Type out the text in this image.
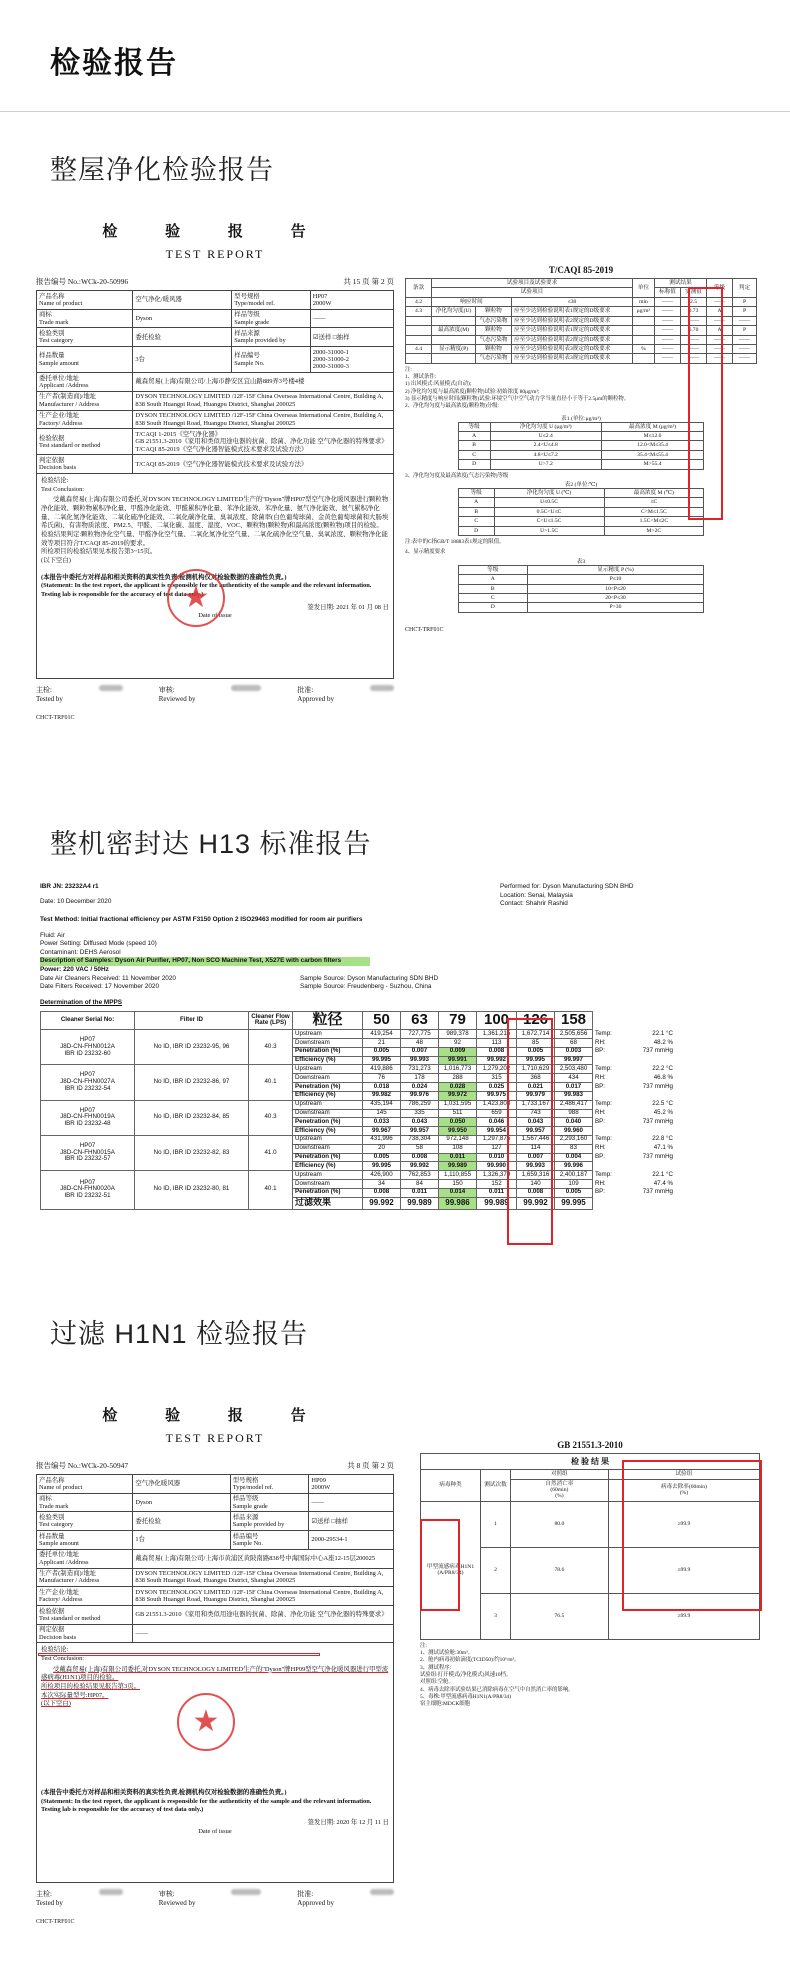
检验报告
整屋净化检验报告
检 验 报 告
TEST REPORT
报告编号 No.:WCk-20-50996	共 15 页 第 2 页
产品名称
Name of product	空气净化/暖风器	型号规格
Type/model ref.	HP07
2000W
商标
Trade mark	Dyson	样品等级
Sample grade	——
检验类别
Test category	委托检验	样品来源
Sample provided by	☑送样 □抽样
样品数量
Sample amount	3台	样品编号
Sample No.	2000-31000-1
2000-31000-2
2000-31000-3
委托单位/地址
Applicant /Address	戴森贸易(上海)有限公司/上海市静安区宜山路889弄3号楼4楼		
生产者(制造商)/地址
Manufacturer / Address	DYSON TECHNOLOGY LIMITED /12F-15F China Overseas International Centre, Building A, 838 South Huangpi Road, Huangpu District, Shanghai 200025		
生产企业/地址
Factory/ Address	DYSON TECHNOLOGY LIMITED /12F-15F China Overseas International Centre, Building A, 838 South Huangpi Road, Huangpu District, Shanghai 200025		
检验依据
Test standard or method	T/CAQI 1-2015《空气净化器》
GB 21551.3-2010《家用和类似用途电器的抗菌、除菌、净化功能 空气净化器的特殊要求》
T/CAQI 85-2019《空气净化器智能模式技术要求及试验方法》		
判定依据
Decision basis	T/CAQI 85-2019《空气净化器智能模式技术要求及试验方法》		
检验结论:
Test Conclusion:
受戴森贸易(上海)有限公司委托,对DYSON TECHNOLOGY LIMITED生产的"Dyson"牌HP07型空气净化暖风器进行颗粒物净化能效、颗粒物累积净化量、甲醛净化能效、甲醛累积净化量、苯净化能效、苯净化量、氨气净化能效、氨气累积净化量、二氧化氮净化能效、二氧化硫净化能效、二氧化碳净化量、臭氧浓度、除菌率(白色葡萄球菌、金黄色葡萄球菌和大肠埃希氏菌)、有害物质浓度、PM2.5、甲醛、二氧化碳、温度、湿度、VOC、颗粒物(颗粒物)和最高浓度(颗粒物)项目的检验。
检验结果判定:颗粒物净化空气量、甲醛净化空气量、二氧化氮净化空气量、二氧化硫净化空气量、臭氧浓度、颗粒物净化能效等项目符合T/CAQI 85-2019的要求。
所检项目的检验结果见本报告第3~15页。
(以下空白)
★
(本报告中委托方对样品和相关资料的真实性负责,检测机构仅对检验数据的准确性负责。)
(Statement: In the test report, the applicant is responsible for the authenticity of the sample and the relevant information. Testing lab is responsible for the accuracy of test data only.)
签发日期: 2021 年 01 月 08 日
Date of issue
主检:
Tested by
审核:
Reviewed by
批准:
Approved by
CHCT-TRF01C
T/CAQI 85-2019
条款	试验项目及试验要求			单位	测试结果		等级	判定
	试验项目				标称值	实测值		
4.2	响应时间		≤30	min	——	2.5	——	P
4.3	净化均匀度(U)	颗粒物	应至少达到检验说明表1规定的D级要求	μg/m³	——	0.73	A	P
		气态污染物	应至少达到检验说明表2规定的D级要求		——	——	——	——
	最高浓度(M)	颗粒物	应至少达到检验说明表1规定的D级要求		——	6.70	A	P
		气态污染物	应至少达到检验说明表2规定的D级要求		——	——	——	——
4.4	显示精度(P)	颗粒物	应至少达到检验说明表3规定的D级要求	%	——	——	——	——
		气态污染物	应至少达到检验说明表3规定的D级要求		——	——	——	——
注:
1、测试条件:
1) 出风模式:风量模式(自动);
2) 净化均匀度与最高浓度(颗粒物)试验:初始浓度 80μg/m³;
3) 显示精度与响应时间(颗粒物)试验:环境空气中空气动力学当量直径小于等于2.5μm的颗粒物。
2、净化均匀度与最高浓度(颗粒物)分级:
表1 (单位:μg/m³)
等级	净化均匀度 U (μg/m³)	最高浓度 M (μg/m³)
A	U≤2.4	M≤12.0
B	2.4<U≤4.8	12.0<M≤35.4
C	4.8<U≤7.2	35.4<M≤55.4
D	U>7.2	M>55.4
3、净化均匀度及最高浓度(气态污染物)等级
表2 (单位:℃)
等级	净化均匀度 U (℃)	最高浓度 M (℃)
A	U≤0.5C	≤C
B	0.5C<U≤C	C<M≤1.5C
C	C<U≤1.5C	1.5C<M≤2C
D	U>1.5C	M>2C
注:表中的C指GB/T 18883表1规定的限值。
4、显示精度要求
表3
等级	显示精度 P (%)
A	P≤10
B	10<P≤20
C	20<P≤30
D	P>30
CHCT-TRF01C
整机密封达 H13 标准报告
IBR JN: 23232A4 r1
Date: 10 December 2020
Performed for: Dyson Manufacturing SDN BHD
Location: Senai, Malaysia
Contact: Shahrir Rashid
Test Method: Initial fractional efficiency per ASTM F3150 Option 2 ISO29463 modified for room air purifiers
Fluid: Air
Power Setting: Diffused Mode (speed 10)
Contaminant: DEHS Aerosol
Description of Samples: Dyson Air Purifier, HP07, Non SCO Machine Test, X527E with carbon filters
Power: 220 VAC / 50Hz
Date Air Cleaners Received: 11 November 2020	Sample Source: Dyson Manufacturing SDN BHD
Date Filters Received: 17 November 2020	Sample Source: Freudenberg - Suzhou, China
Determination of the MPPS
Cleaner Serial No:	Filter ID	Cleaner Flow Rate (LPS)	粒径	50	63	79	100	126	158	

HP07
J8D-CN-FHN0012A
IBR ID 23232-60	No ID, IBR ID 23232-95, 96	40.3	Upstream	419,254	727,775	989,378	1,361,215	1,672,714	2,505,656	Temp: 22.1 °C
			Downstream	21	48	92	113	85	68	RH: 48.2 %
			Penetration (%)	0.005	0.007	0.009	0.008	0.005	0.003	BP: 737 mmHg
			Efficiency (%)	99.995	99.993	99.991	99.992	99.995	99.997	

HP07
J8D-CN-FHN0027A
IBR ID 23232-54	No ID, IBR ID 23232-86, 97	40.1	Upstream	419,886	731,273	1,016,773	1,279,202	1,710,629	2,503,480	Temp: 22.2 °C
			Downstream	76	178	288	315	368	434	RH: 46.8 %
			Penetration (%)	0.018	0.024	0.028	0.025	0.021	0.017	BP: 737 mmHg
			Efficiency (%)	99.982	99.976	99.972	99.975	99.979	99.983	

HP07
J8D-CN-FHN0019A
IBR ID 23232-48	No ID, IBR ID 23232-84, 85	40.3	Upstream	435,194	786,259	1,031,595	1,423,808	1,733,167	2,486,417	Temp: 22.5 °C
			Downstream	145	335	511	659	743	988	RH: 45.2 %
			Penetration (%)	0.033	0.043	0.050	0.046	0.043	0.040	BP: 737 mmHg
			Efficiency (%)	99.967	99.957	99.950	99.954	99.957	99.960	

HP07
J8D-CN-FHN0015A
IBR ID 23232-57	No ID, IBR ID 23232-82, 83	41.0	Upstream	431,996	738,304	972,148	1,297,875	1,567,446	2,293,160	Temp: 22.8 °C
			Downstream	20	58	108	127	114	83	RH: 47.1 %
			Penetration (%)	0.005	0.008	0.011	0.010	0.007	0.004	BP: 737 mmHg
			Efficiency (%)	99.995	99.992	99.989	99.990	99.993	99.996	

HP07
J8D-CN-FHN0020A
IBR ID 23232-51	No ID, IBR ID 23232-80, 81	40.1	Upstream	426,900	762,853	1,110,855	1,326,379	1,659,316	2,400,187	Temp: 22.1 °C
			Downstream	34	84	150	152	140	109	RH: 47.4 %
			Penetration (%)	0.008	0.011	0.014	0.011	0.008	0.005	BP: 737 mmHg
			过滤效果	99.992	99.989	99.986	99.989	99.992	99.995	
过滤 H1N1 检验报告
检 验 报 告
TEST REPORT
报告编号 No.:WCk-20-50947	共 8 页 第 2 页
产品名称
Name of product	空气净化暖风器	型号规格
Type/model ref.	HP09
2000W
商标
Trade mark	Dyson	样品等级
Sample grade	——
检验类别
Test category	委托检验	样品来源
Sample provided by	☑送样 □抽样
样品数量
Sample amount	1台	样品编号
Sample No.	2000-29534-1
委托单位/地址
Applicant /Address	戴森贸易(上海)有限公司/上海市黄浦区黄陂南路838号中海国际中心A座12-15层200025		
生产者(制造商)/地址
Manufacturer / Address	DYSON TECHNOLOGY LIMITED /12F-15F China Overseas International Centre, Building A, 838 South Huangpi Road, Huangpu District, Shanghai 200025		
生产企业/地址
Factory/ Address	DYSON TECHNOLOGY LIMITED /12F-15F China Overseas International Centre, Building A, 838 South Huangpi Road, Huangpu District, Shanghai 200025		
检验依据
Test standard or method	GB 21551.3-2010《家用和类似用途电器的抗菌、除菌、净化功能 空气净化器的特殊要求》		
判定依据
Decision basis	——		
检验结论:
Test Conclusion:
受戴森贸易(上海)有限公司委托,对DYSON TECHNOLOGY LIMITED生产的"Dyson"牌HP09型空气净化暖风器进行甲型流感病毒(H1N1)项目的检验。
所检项目的检验结果见报告第3页。
本次实际量型号:HP07。
(以下空白)
★
(本报告中委托方对样品和相关资料的真实性负责,检测机构仅对检验数据的准确性负责。)
(Statement: In the test report, the applicant is responsible for the authenticity of the sample and the relevant information. Testing lab is responsible for the accuracy of test data only.)
签发日期: 2020 年 12 月 11 日
Date of issue
主检:
Tested by
审核:
Reviewed by
批准:
Approved by
CHCT-TRF01C
GB 21551.3-2010
检 验 结 果			
病毒种类	测试次数	对照组	试验组
		自然消亡率
(60min)
(%)	病毒去除率(60min)
(%)
甲型流感病毒H1N1
(A/PR8/34)	1	80.0	≥99.9
	2	78.6	≥99.9
	3	76.5	≥99.9
注:
1、测试试验舱:30m³。
2、舱内病毒初始滴度(TCID50):约10⁶/m³。
3、测试程序:
试验组:打开模式(净化模式)风速10档。
对照组:空舱。
4、病毒去除率试验结果已消除病毒在空气中自然消亡率的影响。
5、毒株:甲型流感病毒H1N1(A/PR8/34)
宿主细胞:MDCK细胞
